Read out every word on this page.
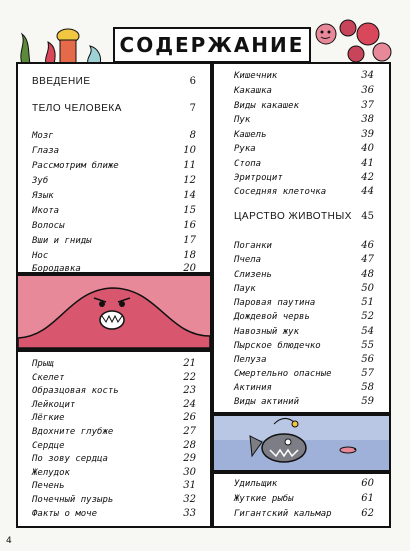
СОДЕРЖАНИЕ
ВВЕДЕНИЕ	6
ТЕЛО ЧЕЛОВЕКА	7
Мозг	8
Глаза	10
Рассмотрим ближе	11
Зуб	12
Язык	14
Икота	15
Волосы	16
Вши и гниды	17
Нос	18
Бородавка	20
Прыщ	21
Скелет	22
Образцовая кость	23
Лейкоцит	24
Лёгкие	26
Вдохните глубже	27
Сердце	28
По зову сердца	29
Желудок	30
Печень	31
Почечный пузырь	32
Факты о моче	33
Кишечник	34
Какашка	36
Виды какашек	37
Пук	38
Кашель	39
Рука	40
Стопа	41
Эритроцит	42
Соседняя клеточка	44
ЦАРСТВО ЖИВОТНЫХ 45
Поганки	46
Пчела	47
Слизень	48
Паук	50
Паровая паутина	51
Дождевой червь	52
Навозный жук	54
Пырское блюдечко	55
Пелуза	56
Смертельно опасные	57
Актиния	58
Виды актиний	59
Удильщик	60
Жуткие рыбы	61
Гигантский кальмар	62
4
